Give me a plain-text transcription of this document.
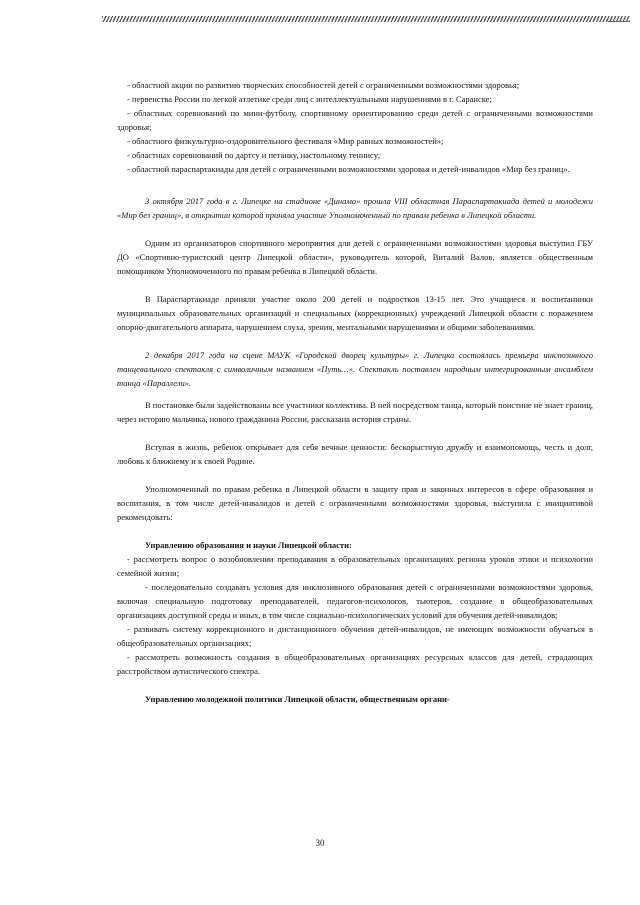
- областной акции по развитию творческих способностей детей с ограниченными возможностями здоровья;

- первенства России по легкой атлетике среди лиц с интеллектуальными нарушениями в г. Саранске;

- областных соревнований по мини-футболу, спортивному ориентированию среди детей с ограниченными возможностями здоровья;

- областного физкультурно-оздоровительного фестиваля «Мир равных возможностей»;

- областных соревнований по дартсу и петанку, настольному теннису;

- областной параспартакиады для детей с ограниченными возможностями здоровья и детей-инвалидов «Мир без границ».

3 октября 2017 года в г. Липецке на стадионе «Динамо» прошла VIII областная Параспартакиада детей и молодежи «Мир без границ», в открытии которой приняла участие Уполномоченный по правам ребенка в Липецкой области.

Одним из организаторов спортивного мероприятия для детей с ограниченными возможностями здоровья выступил ГБУ ДО «Спортивно-туристский центр Липецкой области», руководитель которой, Виталий Валов, является общественным помощником Уполномоченного по правам ребенка в Липецкой области.

В Параспартакиаде приняли участие около 200 детей и подростков 13-15 лет. Это учащиеся и воспитанники муниципальных образовательных организаций и специальных (коррекционных) учреждений Липецкой области с поражением опорно-двигательного аппарата, нарушением слуха, зрения, ментальными нарушениями и общими заболеваниями.

2 декабря 2017 года на сцене МАУК «Городской дворец культуры» г. Липецка состоялась премьера инклюзивного танцевального спектакля с символичным названием «Путь…». Спектакль поставлен народным интегрированным ансамблем танца «Параллели».

В постановке были задействованы все участники коллектива. В ней посредством танца, который поистине не знает границ, через историю мальчика, нового гражданина России, рассказана история страны.

Вступая в жизнь, ребенок открывает для себя вечные ценности: бескорыстную дружбу и взаимопомощь, честь и долг, любовь к ближнему и к своей Родине.

Уполномоченный по правам ребенка в Липецкой области в защиту прав и законных интересов в сфере образования и воспитания, в том числе детей-инвалидов и детей с ограниченными возможностями здоровья, выступила с инициативой рекомендовать:

Управлению образования и науки Липецкой области:

- рассмотреть вопрос о возобновлении преподавания в образовательных организациях региона уроков этики и психологии семейной жизни;

- последовательно создавать условия для инклюзивного образования детей с ограниченными возможностями здоровья, включая специальную подготовку преподавателей, педагогов-психологов, тьютеров, создание в общеобразовательных организациях доступной среды и иных, в том числе социально-психологических условий для обучения детей-инвалидов;

- развивать систему коррекционного и дистанционного обучения детей-инвалидов, не имеющих возможности обучаться в общеобразовательных организациях;

- рассмотреть возможность создания в общеобразовательных организациях ресурсных классов для детей, страдающих расстройством аутистического спектра.

Управлению молодежной политики Липецкой области, общественным органи-

30
